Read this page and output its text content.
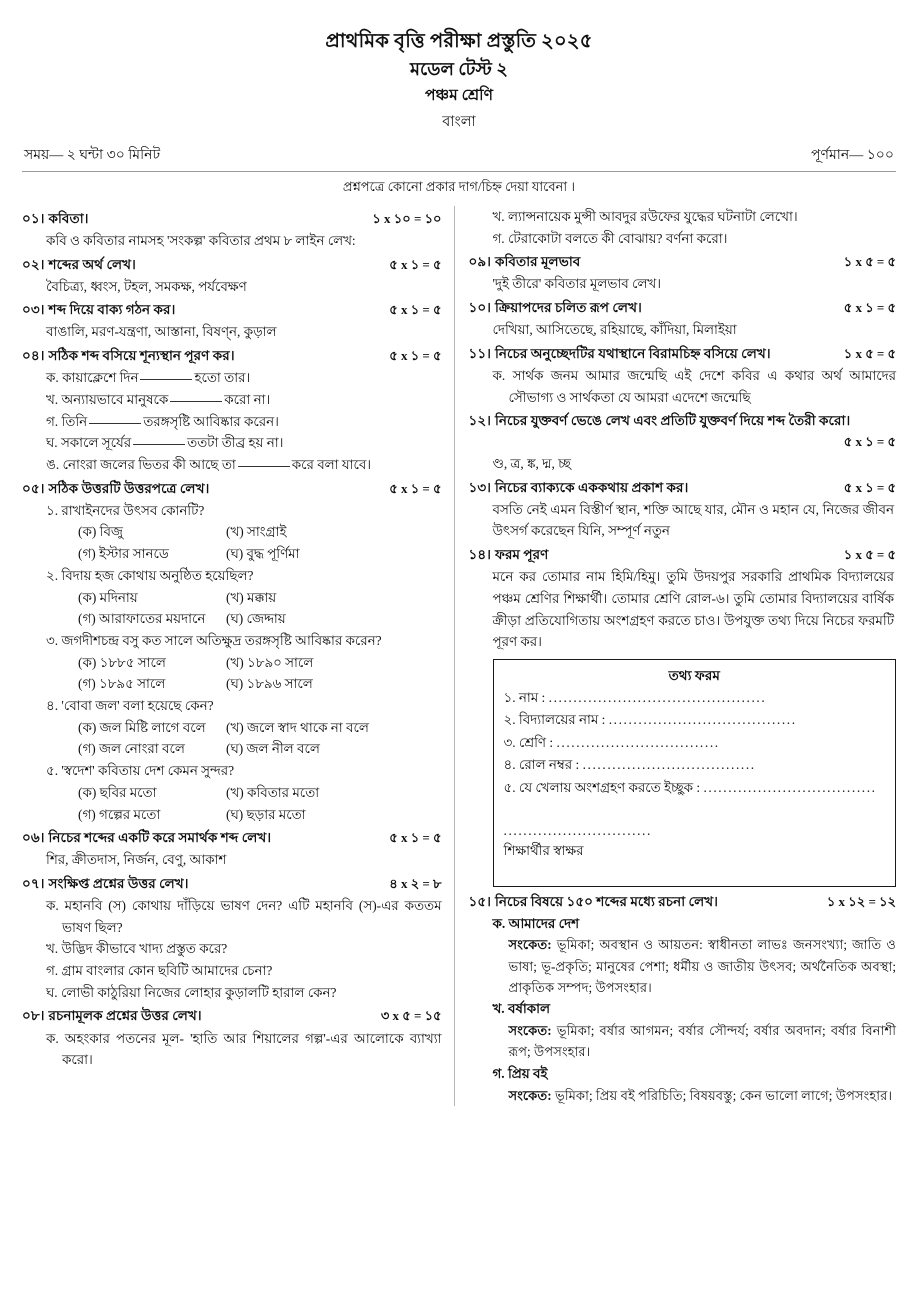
প্রাথমিক বৃত্তি পরীক্ষা প্রস্তুতি ২০২৫
মডেল টেস্ট ২
পঞ্চম শ্রেণি
বাংলা
সময়— ২ ঘন্টা ৩০ মিনিট	পূর্ণমান— ১০০
প্রশ্নপত্রে কোনো প্রকার দাগ/চিহ্ন দেয়া যাবেনা ।
০১। কবিতা।	১ x ১০ = ১০
কবি ও কবিতার নামসহ 'সংকল্প' কবিতার প্রথম ৮ লাইন লেখ:
০২। শব্দের অর্থ লেখ।	৫ x ১ = ৫
বৈচিত্র্য, ধ্বংস, টহল, সমকক্ষ, পর্যবেক্ষণ
০৩। শব্দ দিয়ে বাক্য গঠন কর।	৫ x ১ = ৫
বাঙালি, মরণ-যন্ত্রণা, আস্তানা, বিষণ্ন, কুড়াল
০৪। সঠিক শব্দ বসিয়ে শূন্যস্থান পূরণ কর।	৫ x ১ = ৫
ক. কায়াক্লেশে দিন	হতো তার।
খ. অন্যায়ভাবে মানুষকে	করো না।
গ. তিনি	তরঙ্গসৃষ্টি আবিষ্কার করেন।
ঘ. সকালে সূর্যের	ততটা তীব্র হয় না।
ঙ. নোংরা জলের ভিতর কী আছে তা	করে বলা যাবে।
০৫। সঠিক উত্তরটি উত্তরপত্রে লেখ।	৫ x ১ = ৫
১. রাখাইনদের উৎসব কোনটি?
(ক) বিজু	(খ) সাংগ্রাই
(গ) ইস্টার সানডে	(ঘ) বুদ্ধ পূর্ণিমা
২. বিদায় হজ কোথায় অনুষ্ঠিত হয়েছিল?
(ক) মদিনায়	(খ) মক্কায়
(গ) আরাফাতের ময়দানে	(ঘ) জেদ্দায়
৩. জগদীশচন্দ্র বসু কত সালে অতিক্ষুদ্র তরঙ্গসৃষ্টি আবিষ্কার করেন?
(ক) ১৮৮৫ সালে	(খ) ১৮৯০ সালে
(গ) ১৮৯৫ সালে	(ঘ) ১৮৯৬ সালে
৪. 'বোবা জল' বলা হয়েছে কেন?
(ক) জল মিষ্টি লাগে বলে	(খ) জলে স্বাদ থাকে না বলে
(গ) জল নোংরা বলে	(ঘ) জল নীল বলে
৫. 'স্বদেশ' কবিতায় দেশ কেমন সুন্দর?
(ক) ছবির মতো	(খ) কবিতার মতো
(গ) গল্পের মতো	(ঘ) ছড়ার মতো
০৬। নিচের শব্দের একটি করে সমার্থক শব্দ লেখ।	৫ x ১ = ৫
শির, ক্রীতদাস, নির্জন, বেণু, আকাশ
০৭। সংক্ষিপ্ত প্রশ্নের উত্তর লেখ।	৪ x ২ = ৮
ক. মহানবি (স) কোথায় দাঁড়িয়ে ভাষণ দেন? এটি মহানবি (স)-এর কততম ভাষণ ছিল?
খ. উদ্ভিদ কীভাবে খাদ্য প্রস্তুত করে?
গ. গ্রাম বাংলার কোন ছবিটি আমাদের চেনা?
ঘ. লোভী কাঠুরিয়া নিজের লোহার কুড়ালটি হারাল কেন?
০৮। রচনামূলক প্রশ্নের উত্তর লেখ।	৩ x ৫ = ১৫
ক. অহংকার পতনের মূল- 'হাতি আর শিয়ালের গল্প'-এর আলোকে ব্যাখ্যা করো।
খ. ল্যান্সনায়েক মুন্সী আবদুর রউফের যুদ্ধের ঘটনাটা লেখো।
গ. টেরাকোটা বলতে কী বোঝায়? বর্ণনা করো।
০৯। কবিতার মূলভাব	১ x ৫ = ৫
'দুই তীরে' কবিতার মূলভাব লেখ।
১০। ক্রিয়াপদের চলিত রূপ লেখ।	৫ x ১ = ৫
দেখিয়া, আসিতেছে, রহিয়াছে, কাঁদিয়া, মিলাইয়া
১১। নিচের অনুচ্ছেদটির যথাস্থানে বিরামচিহ্ন বসিয়ে লেখ।	১ x ৫ = ৫
ক. সার্থক জনম আমার জন্মেছি এই দেশে কবির এ কথার অর্থ আমাদের সৌভাগ্য ও সার্থকতা যে আমরা এদেশে জন্মেছি
১২। নিচের যুক্তবর্ণ ভেঙে লেখ এবং প্রতিটি যুক্তবর্ণ দিয়ে শব্দ তৈরী করো।
৫ x ১ = ৫
ণ্ড, ত্র, ঙ্ক, দ্ম, চ্ছ
১৩। নিচের ব্যাক্যকে এককথায় প্রকাশ কর।	৫ x ১ = ৫
বসতি নেই এমন বিস্তীর্ণ স্থান, শক্তি আছে যার, মৌন ও মহান যে, নিজের জীবন উৎসর্গ করেছেন যিনি, সম্পূর্ণ নতুন
১৪। ফরম পূরণ	১ x ৫ = ৫
মনে কর তোমার নাম হিমি/হিমু। তুমি উদয়পুর সরকারি প্রাথমিক বিদ্যালয়ের পঞ্চম শ্রেণির শিক্ষার্থী। তোমার শ্রেণি রোল-৬। তুমি তোমার বিদ্যালয়ের বার্ষিক ক্রীড়া প্রতিযোগিতায় অংশগ্রহণ করতে চাও। উপযুক্ত তথ্য দিয়ে নিচের ফরমটি পূরণ কর।
তথ্য ফরম
১. নাম : ............................................
২. বিদ্যালয়ের নাম : ......................................
৩. শ্রেণি : .................................
৪. রোল নম্বর : ...................................
৫. যে খেলায় অংশগ্রহণ করতে ইচ্ছুক : ...................................
..............................
শিক্ষার্থীর স্বাক্ষর
১৫। নিচের বিষয়ে ১৫০ শব্দের মধ্যে রচনা লেখ।	১ x ১২ = ১২
ক. আমাদের দেশ
সংকেত: ভূমিকা; অবস্থান ও আয়তন: স্বাধীনতা লাভঃ জনসংখ্যা; জাতি ও ভাষা; ভূ-প্রকৃতি; মানুষের পেশা; ধর্মীয় ও জাতীয় উৎসব; অর্থনৈতিক অবস্থা; প্রাকৃতিক সম্পদ; উপসংহার।
খ. বর্ষাকাল
সংকেত: ভূমিকা; বর্ষার আগমন; বর্ষার সৌন্দর্য; বর্ষার অবদান; বর্ষার বিনাশী রূপ; উপসংহার।
গ. প্রিয় বই
সংকেত: ভূমিকা; প্রিয় বই পরিচিতি; বিষয়বস্তু; কেন ভালো লাগে; উপসংহার।
